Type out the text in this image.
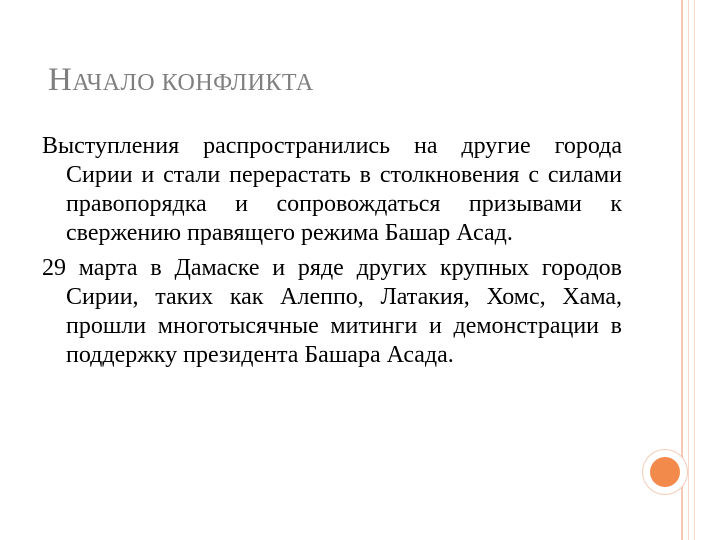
НАЧАЛО КОНФЛИКТА

Выступления распространились на другие города Сирии и стали перерастать в столкновения с силами правопорядка и сопровождаться призывами к свержению правящего режима Башар Асад.

29 марта в Дамаске и ряде других крупных городов Сирии, таких как Алеппо, Латакия, Хомс, Хама, прошли многотысячные митинги и демонстрации в поддержку президента Башара Асада.
